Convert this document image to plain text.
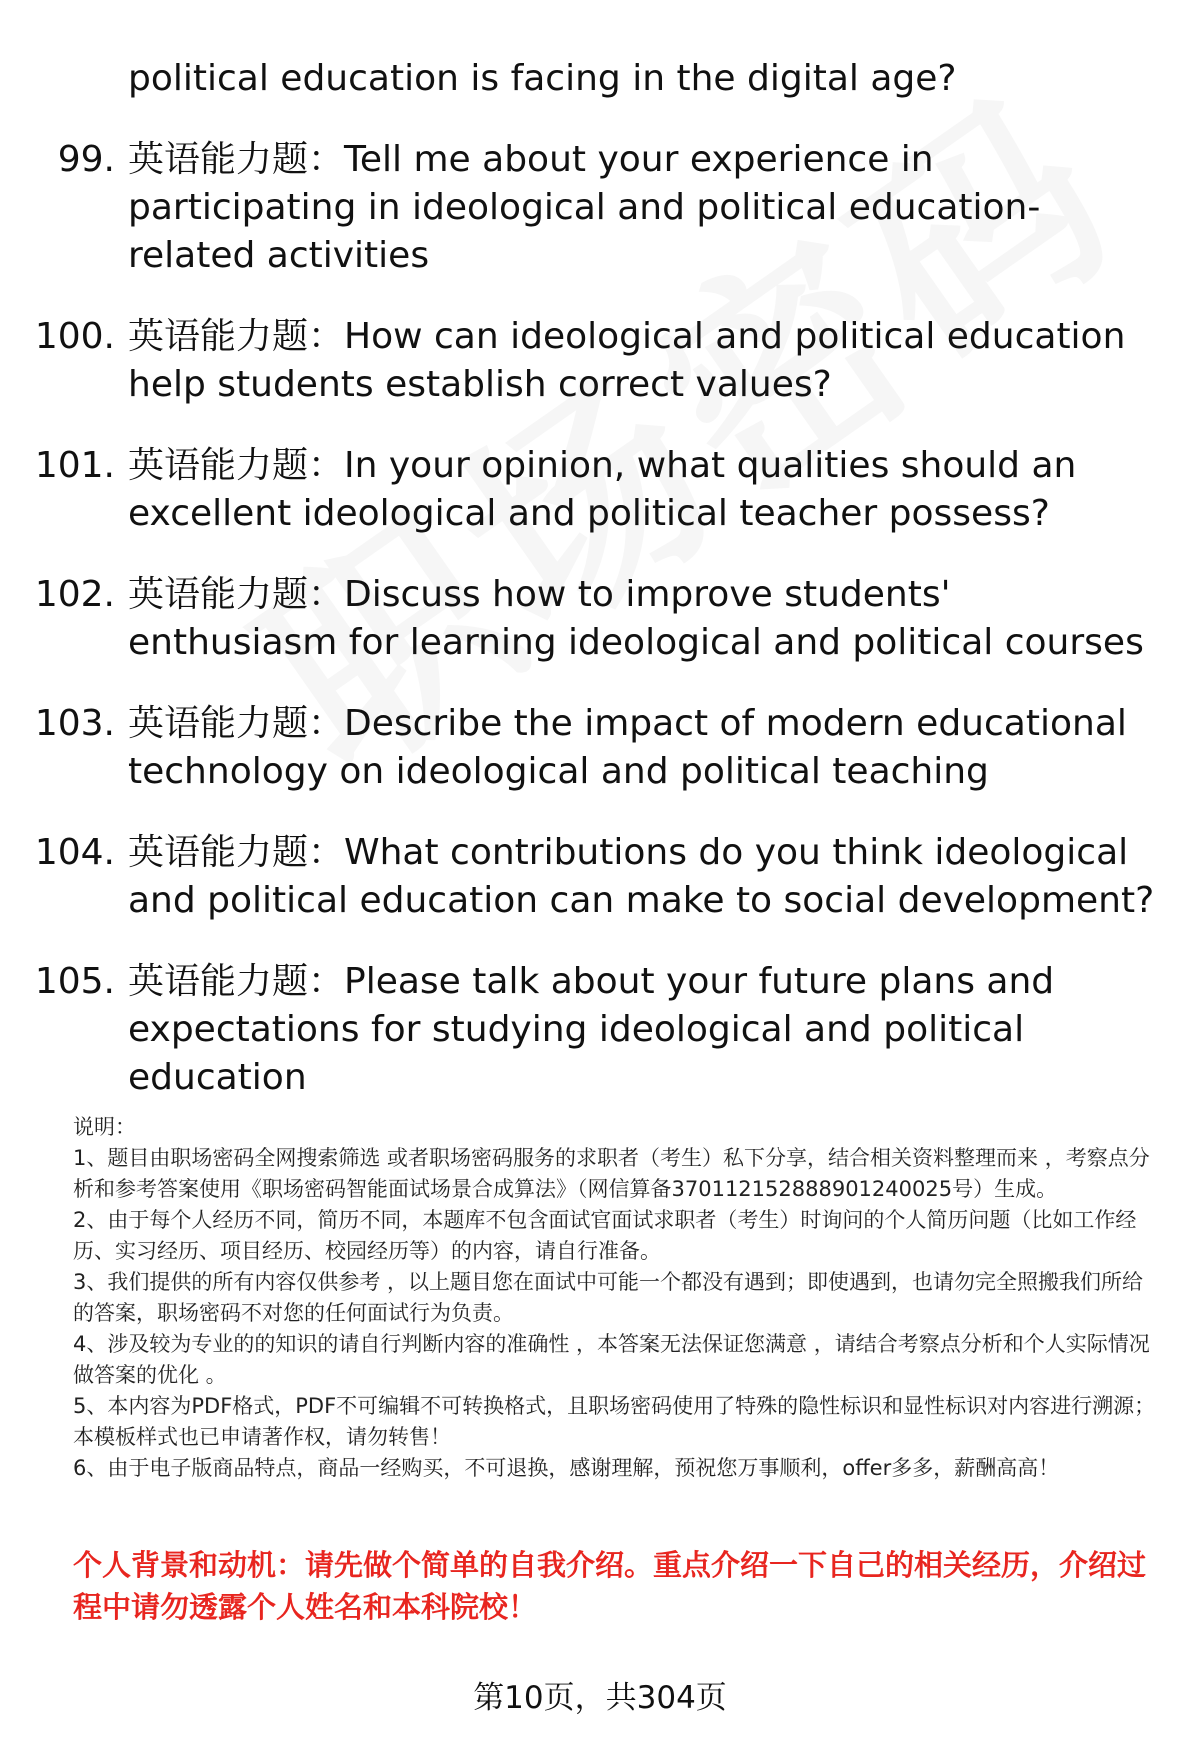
political education is facing in the digital age?
99. 英语能力题：Tell me about your experience in participating in ideological and political education-related activities
100. 英语能力题：How can ideological and political education help students establish correct values?
101. 英语能力题：In your opinion, what qualities should an excellent ideological and political teacher possess?
102. 英语能力题：Discuss how to improve students' enthusiasm for learning ideological and political courses
103. 英语能力题：Describe the impact of modern educational technology on ideological and political teaching
104. 英语能力题：What contributions do you think ideological and political education can make to social development?
105. 英语能力题：Please talk about your future plans and expectations for studying ideological and political education

说明：

1、题目由职场密码全网搜索筛选 或者职场密码服务的求职者（考生）私下分享，结合相关资料整理而来 ，考察点分析和参考答案使用《职场密码智能面试场景合成算法》（网信算备370112152888901240025号）生成。

2、由于每个人经历不同，简历不同，本题库不包含面试官面试求职者（考生）时询问的个人简历问题（比如工作经历、实习经历、项目经历、校园经历等）的内容，请自行准备。

3、我们提供的所有内容仅供参考 ，以上题目您在面试中可能一个都没有遇到；即使遇到，也请勿完全照搬我们所给的答案，职场密码不对您的任何面试行为负责。

4、涉及较为专业的的知识的请自行判断内容的准确性 ，本答案无法保证您满意 ，请结合考察点分析和个人实际情况做答案的优化 。

5、本内容为PDF格式，PDF不可编辑不可转换格式，且职场密码使用了特殊的隐性标识和显性标识对内容进行溯源；本模板样式也已申请著作权，请勿转售！

6、由于电子版商品特点，商品一经购买，不可退换，感谢理解，预祝您万事顺利，offer多多，薪酬高高！

个人背景和动机：请先做个简单的自我介绍。重点介绍一下自己的相关经历，介绍过程中请勿透露个人姓名和本科院校！
第10页，共304页
